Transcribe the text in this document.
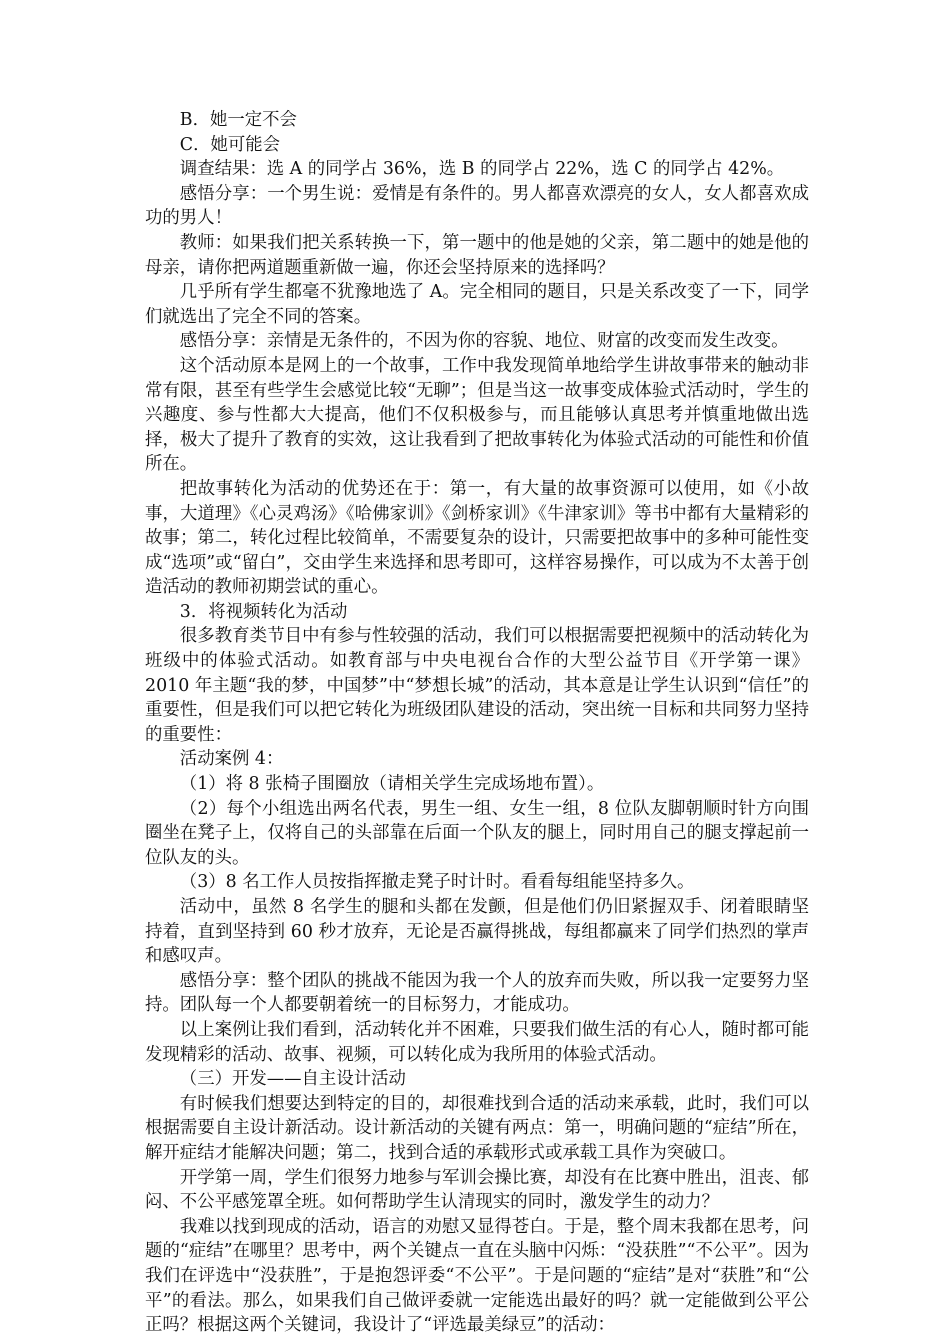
B．她一定不会

C．她可能会

调查结果：选 A 的同学占 36%，选 B 的同学占 22%，选 C 的同学占 42%。

感悟分享：一个男生说：爱情是有条件的。男人都喜欢漂亮的女人，女人都喜欢成功的男人！

教师：如果我们把关系转换一下，第一题中的他是她的父亲，第二题中的她是他的母亲，请你把两道题重新做一遍，你还会坚持原来的选择吗？

几乎所有学生都毫不犹豫地选了 A。完全相同的题目，只是关系改变了一下，同学们就选出了完全不同的答案。

感悟分享：亲情是无条件的，不因为你的容貌、地位、财富的改变而发生改变。

这个活动原本是网上的一个故事，工作中我发现简单地给学生讲故事带来的触动非常有限，甚至有些学生会感觉比较“无聊”；但是当这一故事变成体验式活动时，学生的兴趣度、参与性都大大提高，他们不仅积极参与，而且能够认真思考并慎重地做出选择，极大了提升了教育的实效，这让我看到了把故事转化为体验式活动的可能性和价值所在。

把故事转化为活动的优势还在于：第一，有大量的故事资源可以使用，如《小故事，大道理》《心灵鸡汤》《哈佛家训》《剑桥家训》《牛津家训》等书中都有大量精彩的故事；第二，转化过程比较简单，不需要复杂的设计，只需要把故事中的多种可能性变成“选项”或“留白”，交由学生来选择和思考即可，这样容易操作，可以成为不太善于创造活动的教师初期尝试的重心。

3．将视频转化为活动

很多教育类节目中有参与性较强的活动，我们可以根据需要把视频中的活动转化为班级中的体验式活动。如教育部与中央电视台合作的大型公益节目《开学第一课》2010 年主题“我的梦，中国梦”中“梦想长城”的活动，其本意是让学生认识到“信任”的重要性，但是我们可以把它转化为班级团队建设的活动，突出统一目标和共同努力坚持的重要性：

活动案例 4：

（1）将 8 张椅子围圈放（请相关学生完成场地布置）。

（2）每个小组选出两名代表，男生一组、女生一组，8 位队友脚朝顺时针方向围圈坐在凳子上，仅将自己的头部靠在后面一个队友的腿上，同时用自己的腿支撑起前一位队友的头。

（3）8 名工作人员按指挥撤走凳子时计时。看看每组能坚持多久。

活动中，虽然 8 名学生的腿和头都在发颤，但是他们仍旧紧握双手、闭着眼睛坚持着，直到坚持到 60 秒才放弃，无论是否赢得挑战，每组都赢来了同学们热烈的掌声和感叹声。

感悟分享：整个团队的挑战不能因为我一个人的放弃而失败，所以我一定要努力坚持。团队每一个人都要朝着统一的目标努力，才能成功。

以上案例让我们看到，活动转化并不困难，只要我们做生活的有心人，随时都可能发现精彩的活动、故事、视频，可以转化成为我所用的体验式活动。

（三）开发——自主设计活动

有时候我们想要达到特定的目的，却很难找到合适的活动来承载，此时，我们可以根据需要自主设计新活动。设计新活动的关键有两点：第一，明确问题的“症结”所在，解开症结才能解决问题；第二，找到合适的承载形式或承载工具作为突破口。

开学第一周，学生们很努力地参与军训会操比赛，却没有在比赛中胜出，沮丧、郁闷、不公平感笼罩全班。如何帮助学生认清现实的同时，激发学生的动力？

我难以找到现成的活动，语言的劝慰又显得苍白。于是，整个周末我都在思考，问题的“症结”在哪里？思考中，两个关键点一直在头脑中闪烁：“没获胜”“不公平”。因为我们在评选中“没获胜”，于是抱怨评委“不公平”。于是问题的“症结”是对“获胜”和“公平”的看法。那么，如果我们自己做评委就一定能选出最好的吗？就一定能做到公平公正吗？根据这两个关键词，我设计了“评选最美绿豆”的活动：
